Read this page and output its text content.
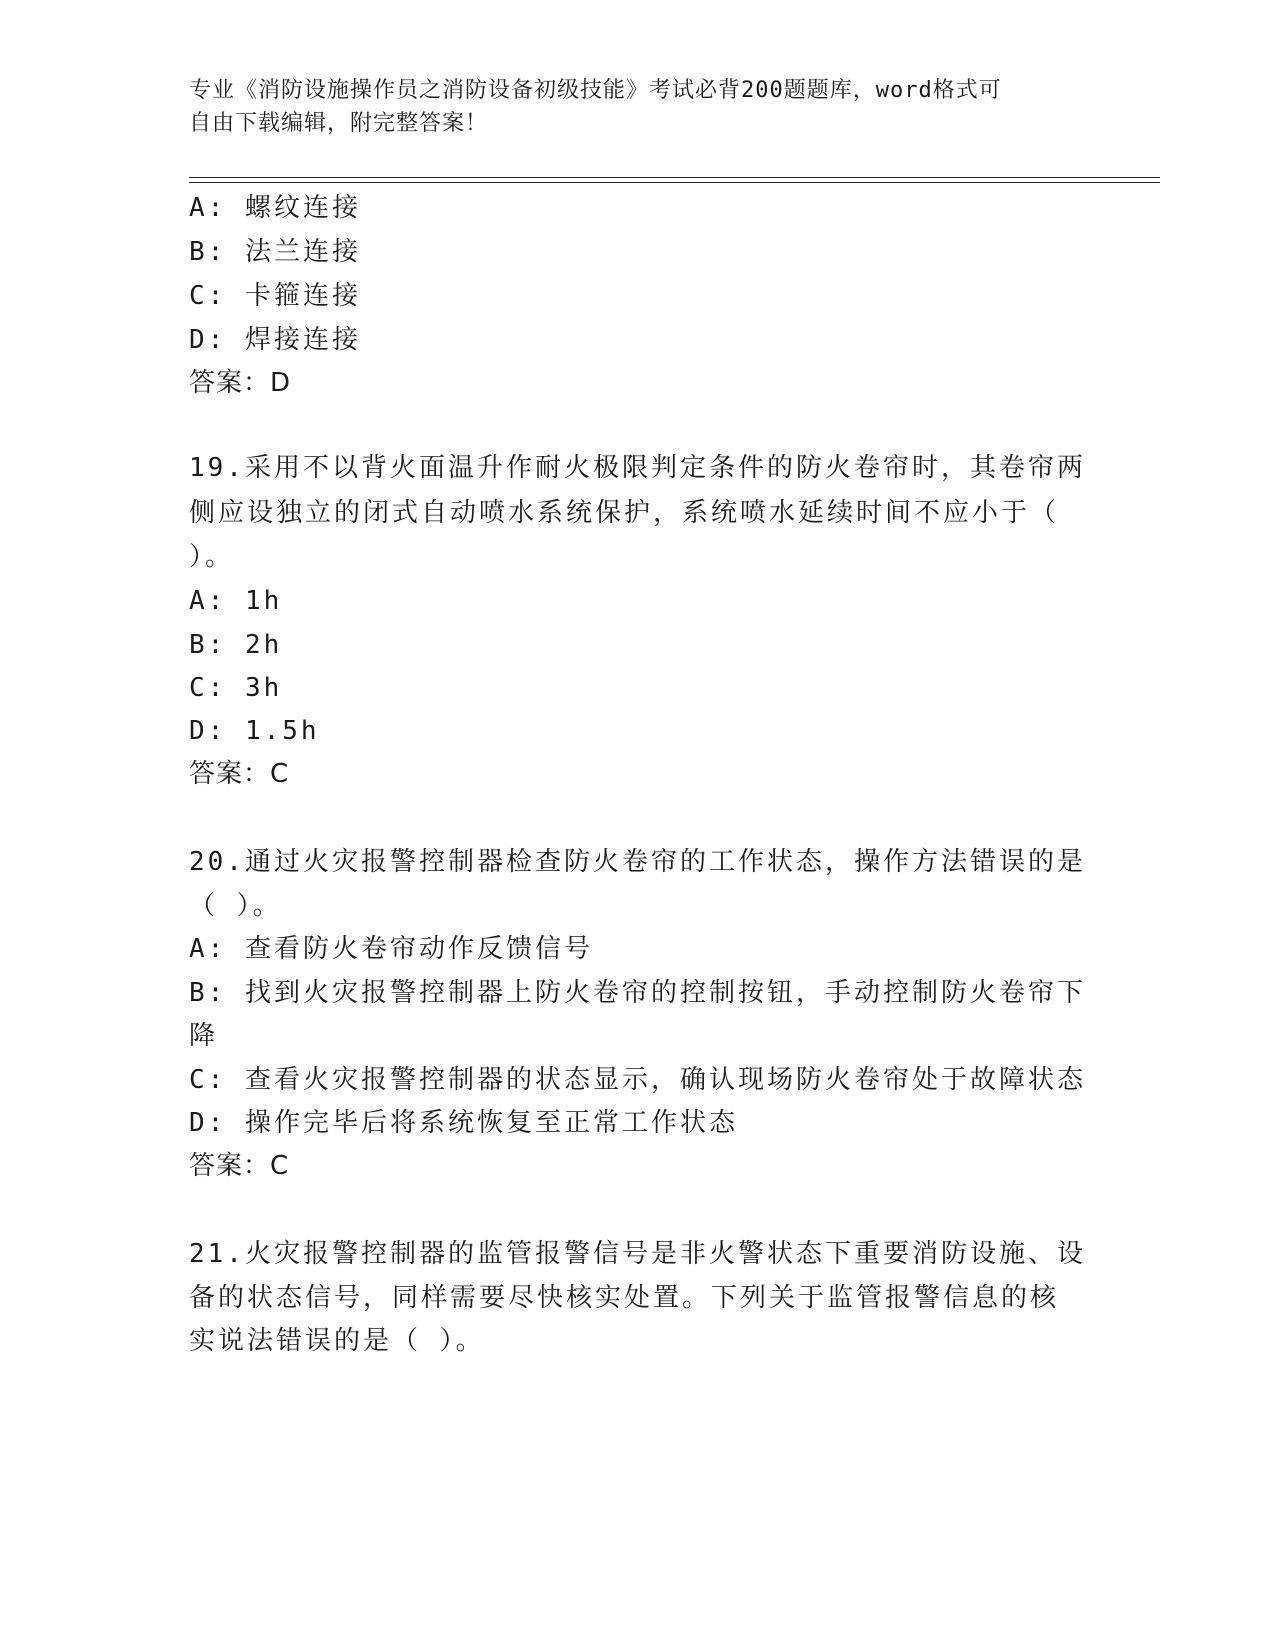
专业《消防设施操作员之消防设备初级技能》考试必背200题题库，word格式可
自由下载编辑，附完整答案！
A: 螺纹连接
B: 法兰连接
C: 卡箍连接
D: 焊接连接
答案：D
19.采用不以背火面温升作耐火极限判定条件的防火卷帘时，其卷帘两
侧应设独立的闭式自动喷水系统保护，系统喷水延续时间不应小于（
）。
A: 1h
B: 2h
C: 3h
D: 1.5h
答案：C
20.通过火灾报警控制器检查防火卷帘的工作状态，操作方法错误的是
（ ）。
A: 查看防火卷帘动作反馈信号
B: 找到火灾报警控制器上防火卷帘的控制按钮，手动控制防火卷帘下
降
C: 查看火灾报警控制器的状态显示，确认现场防火卷帘处于故障状态
D: 操作完毕后将系统恢复至正常工作状态
答案：C
21.火灾报警控制器的监管报警信号是非火警状态下重要消防设施、设
备的状态信号，同样需要尽快核实处置。下列关于监管报警信息的核
实说法错误的是（ ）。
